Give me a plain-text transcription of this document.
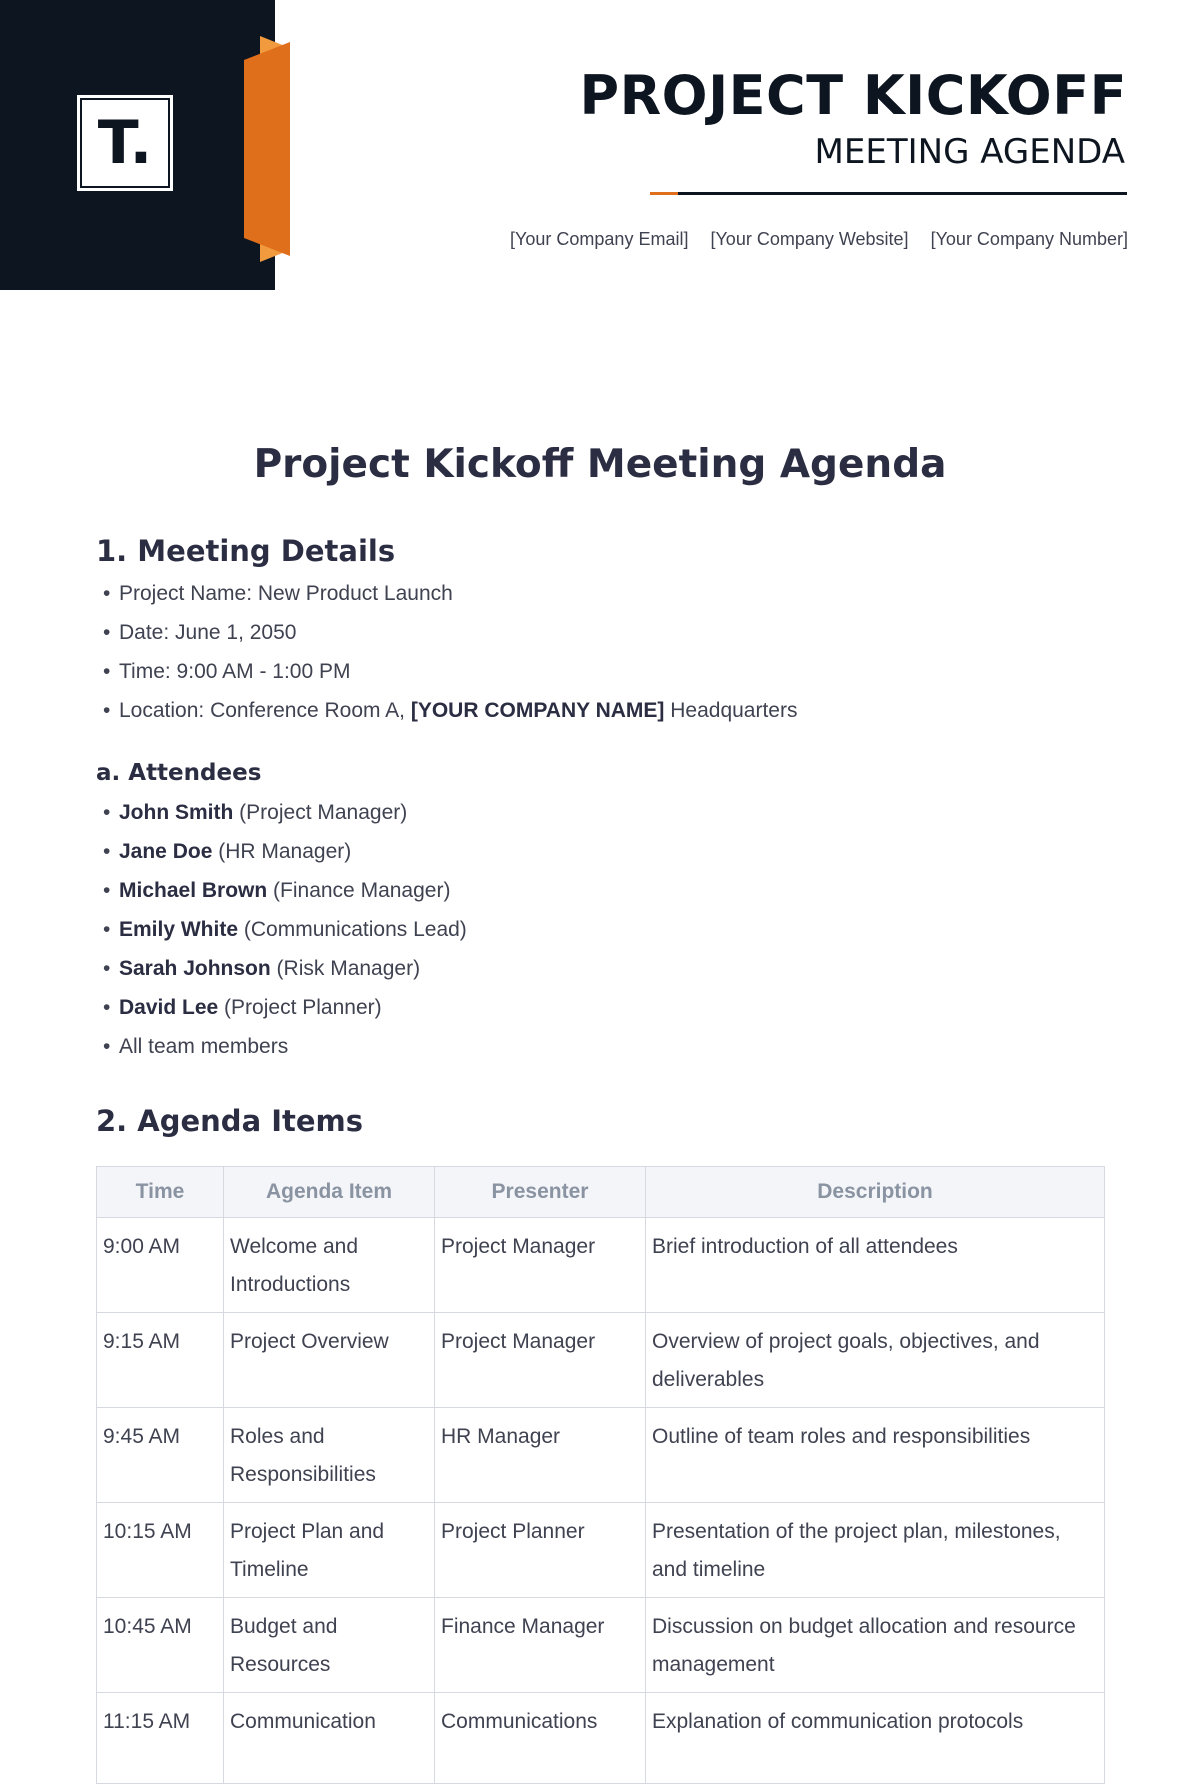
T.
PROJECT KICKOFF
MEETING AGENDA
[Your Company Email] [Your Company Website] [Your Company Number]
Project Kickoff Meeting Agenda
1. Meeting Details
• Project Name: New Product Launch
• Date: June 1, 2050
• Time: 9:00 AM - 1:00 PM
• Location: Conference Room A, [YOUR COMPANY NAME] Headquarters
a. Attendees
• John Smith (Project Manager)
• Jane Doe (HR Manager)
• Michael Brown (Finance Manager)
• Emily White (Communications Lead)
• Sarah Johnson (Risk Manager)
• David Lee (Project Planner)
• All team members
2. Agenda Items
Time	Agenda Item	Presenter	Description
9:00 AM	Welcome and Introductions	Project Manager	Brief introduction of all attendees
9:15 AM	Project Overview	Project Manager	Overview of project goals, objectives, and deliverables
9:45 AM	Roles and Responsibilities	HR Manager	Outline of team roles and responsibilities
10:15 AM	Project Plan and Timeline	Project Planner	Presentation of the project plan, milestones, and timeline
10:45 AM	Budget and Resources	Finance Manager	Discussion on budget allocation and resource management
11:15 AM	Communication	Communications	Explanation of communication protocols
